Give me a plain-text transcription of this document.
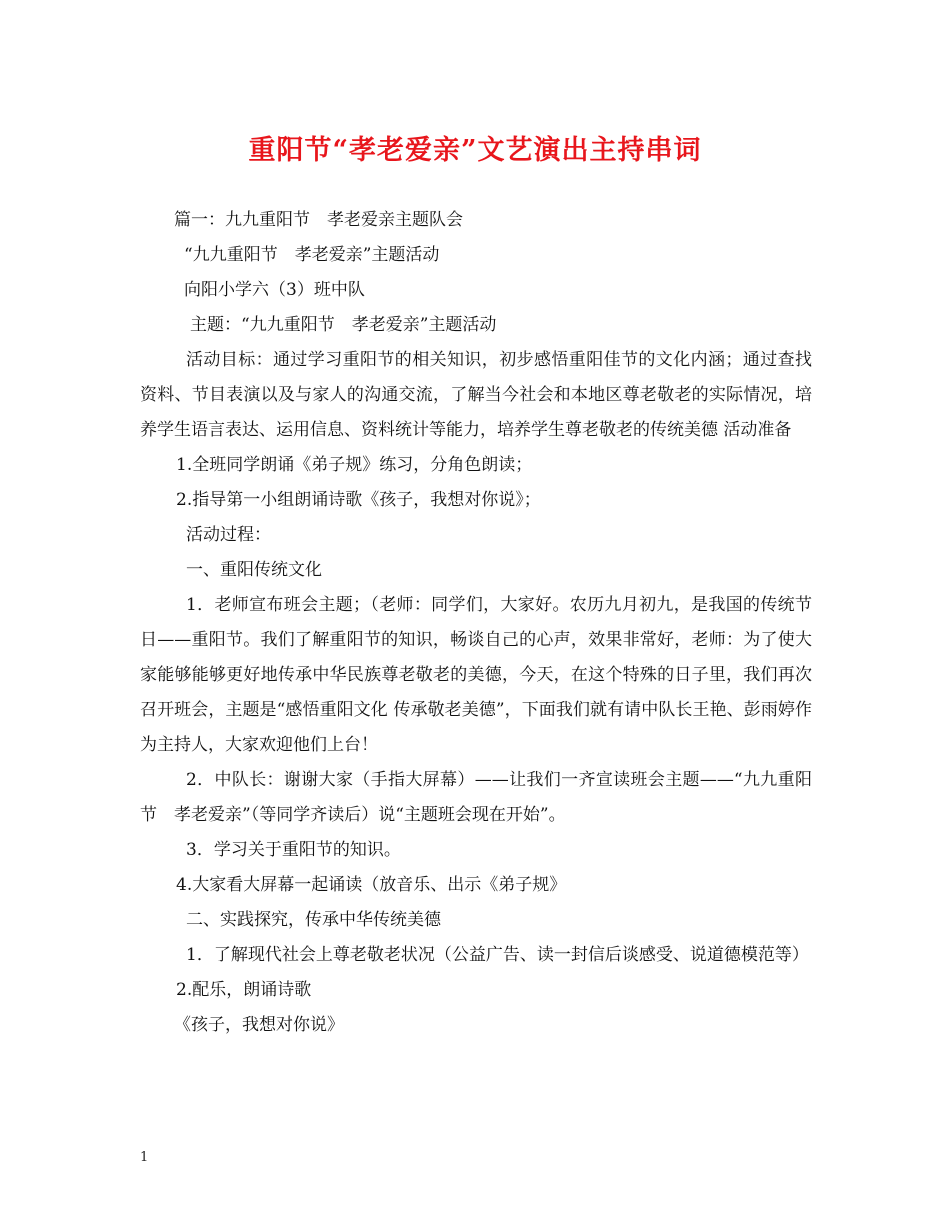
重阳节“孝老爱亲”文艺演出主持串词

篇一：九九重阳节　孝老爱亲主题队会

“九九重阳节　孝老爱亲”主题活动

向阳小学六（3）班中队

主题：“九九重阳节　孝老爱亲”主题活动

活动目标：通过学习重阳节的相关知识，初步感悟重阳佳节的文化内涵；通过查找资料、节目表演以及与家人的沟通交流，了解当今社会和本地区尊老敬老的实际情况，培养学生语言表达、运用信息、资料统计等能力，培养学生尊老敬老的传统美德 活动准备

1.全班同学朗诵《弟子规》练习，分角色朗读；

2.指导第一小组朗诵诗歌《孩子，我想对你说》；

活动过程：

一、重阳传统文化

1．老师宣布班会主题；（老师：同学们，大家好。农历九月初九，是我国的传统节日——重阳节。我们了解重阳节的知识，畅谈自己的心声，效果非常好，老师：为了使大家能够能够更好地传承中华民族尊老敬老的美德，今天，在这个特殊的日子里，我们再次召开班会，主题是“感悟重阳文化 传承敬老美德”，下面我们就有请中队长王艳、彭雨婷作为主持人，大家欢迎他们上台！

2．中队长：谢谢大家（手指大屏幕）——让我们一齐宣读班会主题——“九九重阳节　孝老爱亲”（等同学齐读后）说“主题班会现在开始”。

3．学习关于重阳节的知识。

4.大家看大屏幕一起诵读（放音乐、出示《弟子规》

二、实践探究，传承中华传统美德

1．了解现代社会上尊老敬老状况（公益广告、读一封信后谈感受、说道德模范等）

2.配乐，朗诵诗歌

《孩子，我想对你说》

1
